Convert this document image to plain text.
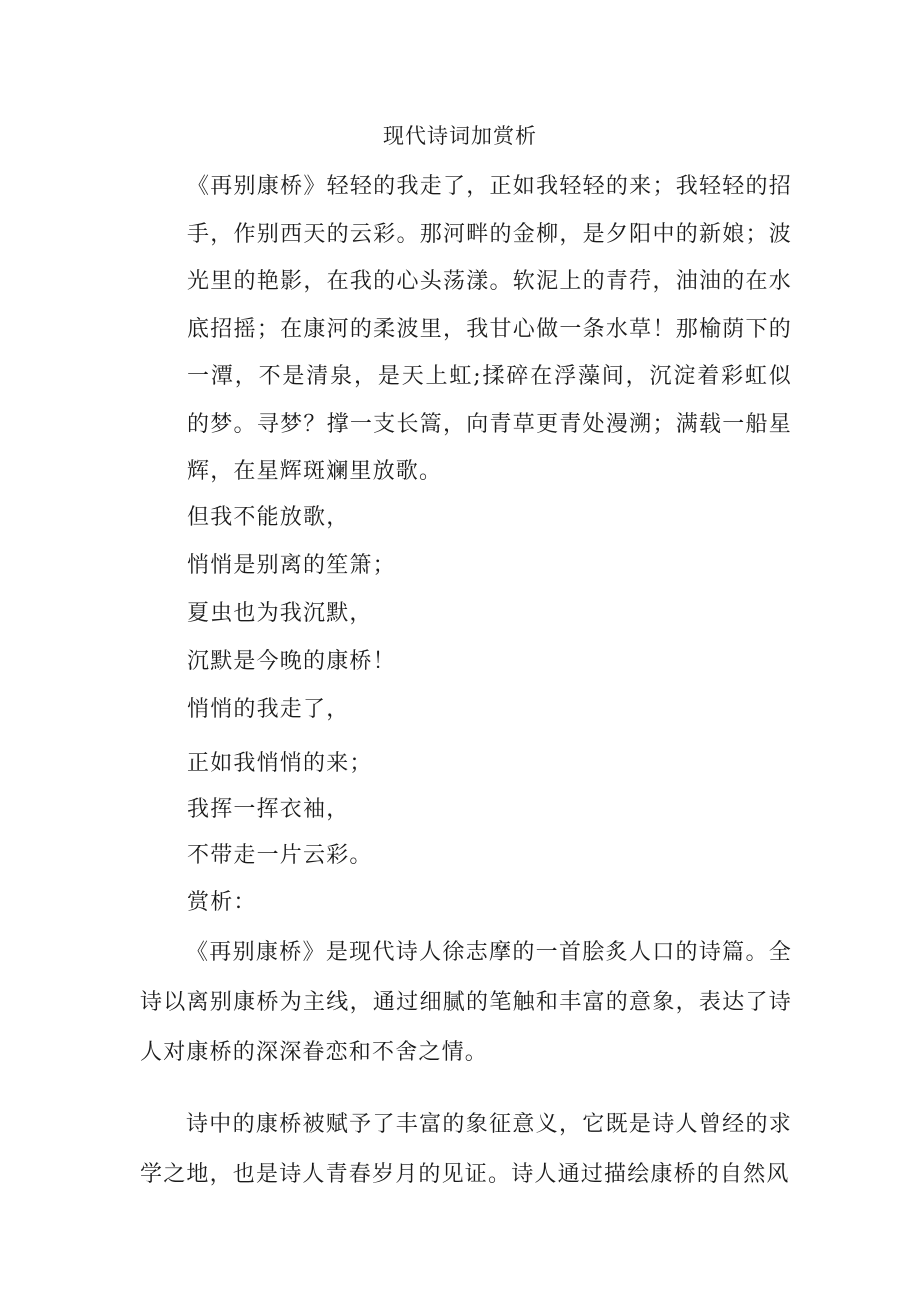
现代诗词加赏析
《再别康桥》轻轻的我走了，正如我轻轻的来；我轻轻的招手，作别西天的云彩。那河畔的金柳，是夕阳中的新娘；波光里的艳影，在我的心头荡漾。软泥上的青荇，油油的在水底招摇；在康河的柔波里，我甘心做一条水草！那榆荫下的一潭，不是清泉，是天上虹;揉碎在浮藻间，沉淀着彩虹似的梦。寻梦？撑一支长篙，向青草更青处漫溯；满载一船星辉，在星辉斑斓里放歌。
但我不能放歌，
悄悄是别离的笙箫；
夏虫也为我沉默，
沉默是今晚的康桥！
悄悄的我走了，
正如我悄悄的来；
我挥一挥衣袖，
不带走一片云彩。
赏析：
《再别康桥》是现代诗人徐志摩的一首脍炙人口的诗篇。全诗以离别康桥为主线，通过细腻的笔触和丰富的意象，表达了诗人对康桥的深深眷恋和不舍之情。
诗中的康桥被赋予了丰富的象征意义，它既是诗人曾经的求学之地，也是诗人青春岁月的见证。诗人通过描绘康桥的自然风
